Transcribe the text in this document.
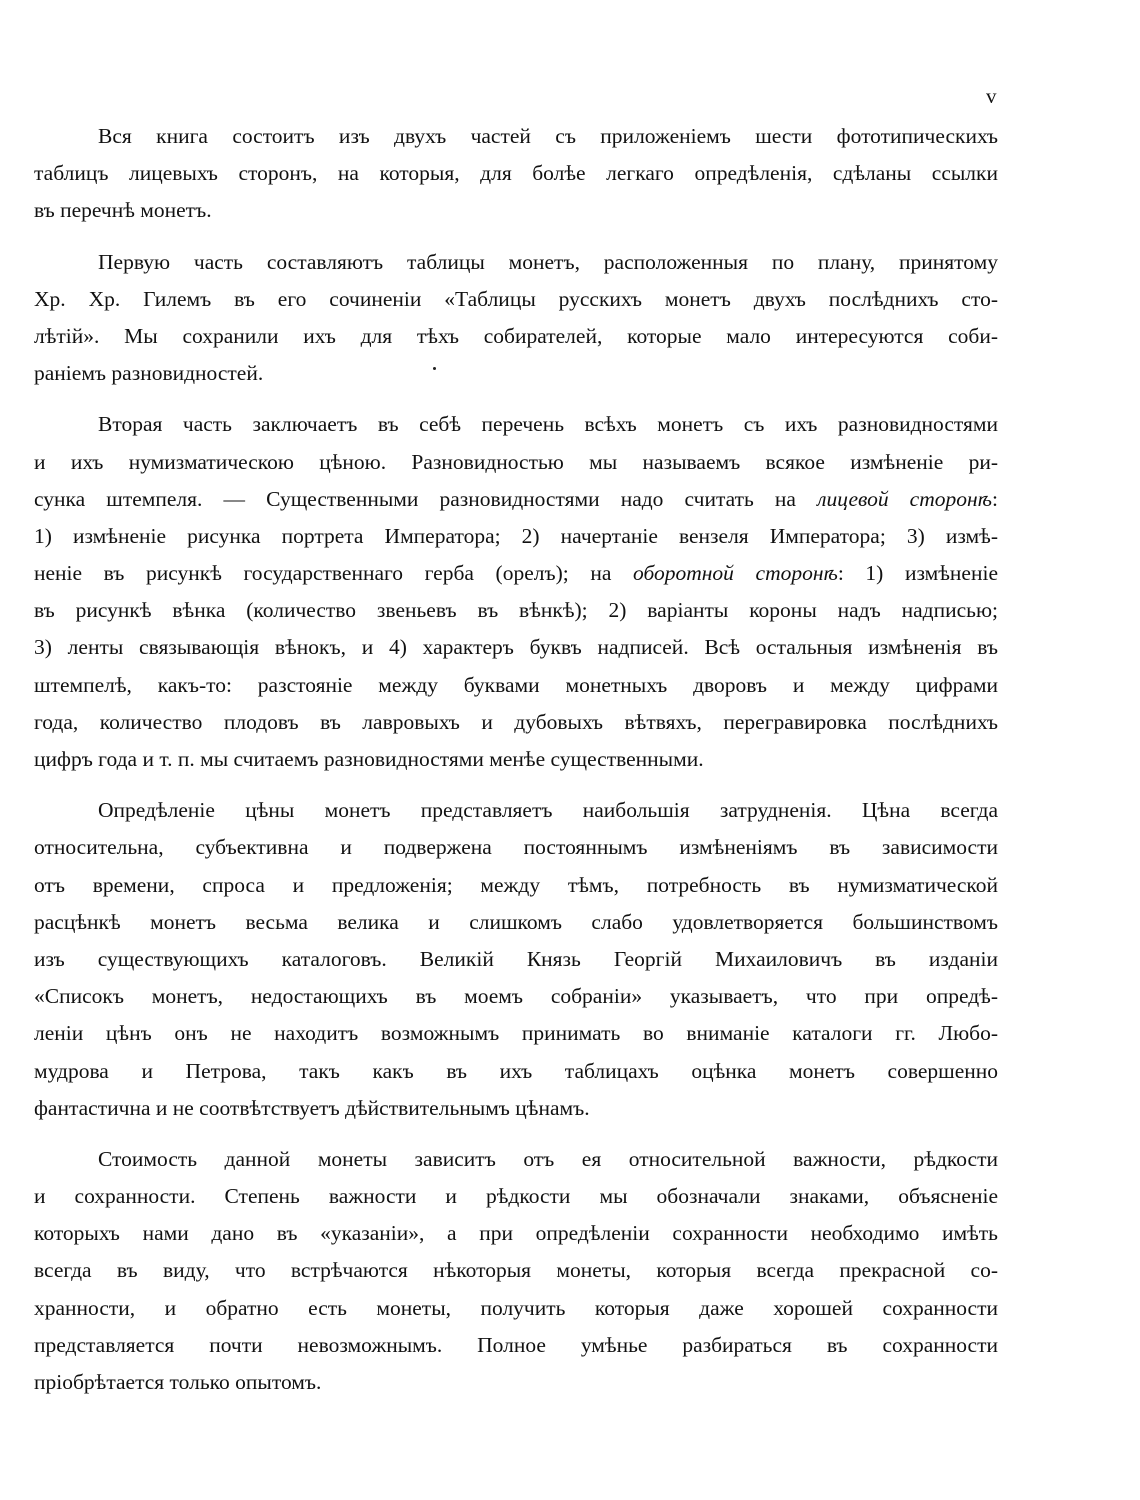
v

Вся книга состоитъ изъ двухъ частей съ приложеніемъ шести фототипическихъ
таблицъ лицевыхъ сторонъ, на которыя, для болѣе легкаго опредѣленія, сдѣланы ссылки
въ перечнѣ монетъ.

Первую часть составляютъ таблицы монетъ, расположенныя по плану, принятому
Хр. Хр. Гилемъ въ его сочиненіи «Таблицы русскихъ монетъ двухъ послѣднихъ сто-
лѣтій». Мы сохранили ихъ для тѣхъ собирателей, которые мало интересуются соби-
раніемъ разновидностей.

Вторая часть заключаетъ въ себѣ перечень всѣхъ монетъ съ ихъ разновидностями
и ихъ нумизматическою цѣною. Разновидностью мы называемъ всякое измѣненіе ри-
сунка штемпеля. — Существенными разновидностями надо считать на лицевой сторонѣ:
1) измѣненіе рисунка портрета Императора; 2) начертаніе вензеля Императора; 3) измѣ-
неніе въ рисункѣ государственнаго герба (орелъ); на оборотной сторонѣ: 1) измѣненіе
въ рисункѣ вѣнка (количество звеньевъ въ вѣнкѣ); 2) варіанты короны надъ надписью;
3) ленты связывающія вѣнокъ, и 4) характеръ буквъ надписей. Всѣ остальныя измѣненія въ
штемпелѣ, какъ-то: разстояніе между буквами монетныхъ дворовъ и между цифрами
года, количество плодовъ въ лавровыхъ и дубовыхъ вѣтвяхъ, перегравировка послѣднихъ
цифръ года и т. п. мы считаемъ разновидностями менѣе существенными.

Опредѣленіе цѣны монетъ представляетъ наибольшія затрудненія. Цѣна всегда
относительна, субъективна и подвержена постояннымъ измѣненіямъ въ зависимости
отъ времени, спроса и предложенія; между тѣмъ, потребность въ нумизматической
расцѣнкѣ монетъ весьма велика и слишкомъ слабо удовлетворяется большинствомъ
изъ существующихъ каталоговъ. Великій Князь Георгій Михаиловичъ въ изданіи
«Списокъ монетъ, недостающихъ въ моемъ собраніи» указываетъ, что при опредѣ-
леніи цѣнъ онъ не находитъ возможнымъ принимать во вниманіе каталоги гг. Любо-
мудрова и Петрова, такъ какъ въ ихъ таблицахъ оцѣнка монетъ совершенно
фантастична и не соотвѣтствуетъ дѣйствительнымъ цѣнамъ.

Стоимость данной монеты зависитъ отъ ея относительной важности, рѣдкости
и сохранности. Степень важности и рѣдкости мы обозначали знаками, объясненіе
которыхъ нами дано въ «указаніи», а при опредѣленіи сохранности необходимо имѣть
всегда въ виду, что встрѣчаются нѣкоторыя монеты, которыя всегда прекрасной со-
хранности, и обратно есть монеты, получить которыя даже хорошей сохранности
представляется почти невозможнымъ. Полное умѣнье разбираться въ сохранности
пріобрѣтается только опытомъ.
